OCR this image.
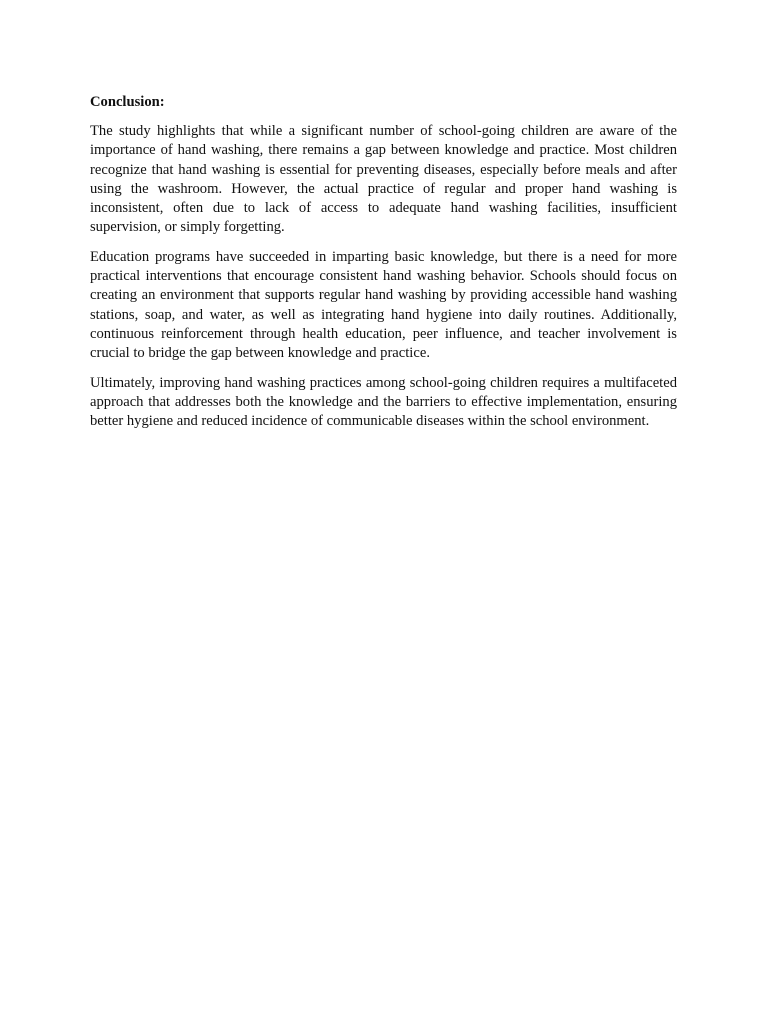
Conclusion:

The study highlights that while a significant number of school-going children are aware of the importance of hand washing, there remains a gap between knowledge and practice. Most children recognize that hand washing is essential for preventing diseases, especially before meals and after using the washroom. However, the actual practice of regular and proper hand washing is inconsistent, often due to lack of access to adequate hand washing facilities, insufficient supervision, or simply forgetting.

Education programs have succeeded in imparting basic knowledge, but there is a need for more practical interventions that encourage consistent hand washing behavior. Schools should focus on creating an environment that supports regular hand washing by providing accessible hand washing stations, soap, and water, as well as integrating hand hygiene into daily routines. Additionally, continuous reinforcement through health education, peer influence, and teacher involvement is crucial to bridge the gap between knowledge and practice.

Ultimately, improving hand washing practices among school-going children requires a multifaceted approach that addresses both the knowledge and the barriers to effective implementation, ensuring better hygiene and reduced incidence of communicable diseases within the school environment.
